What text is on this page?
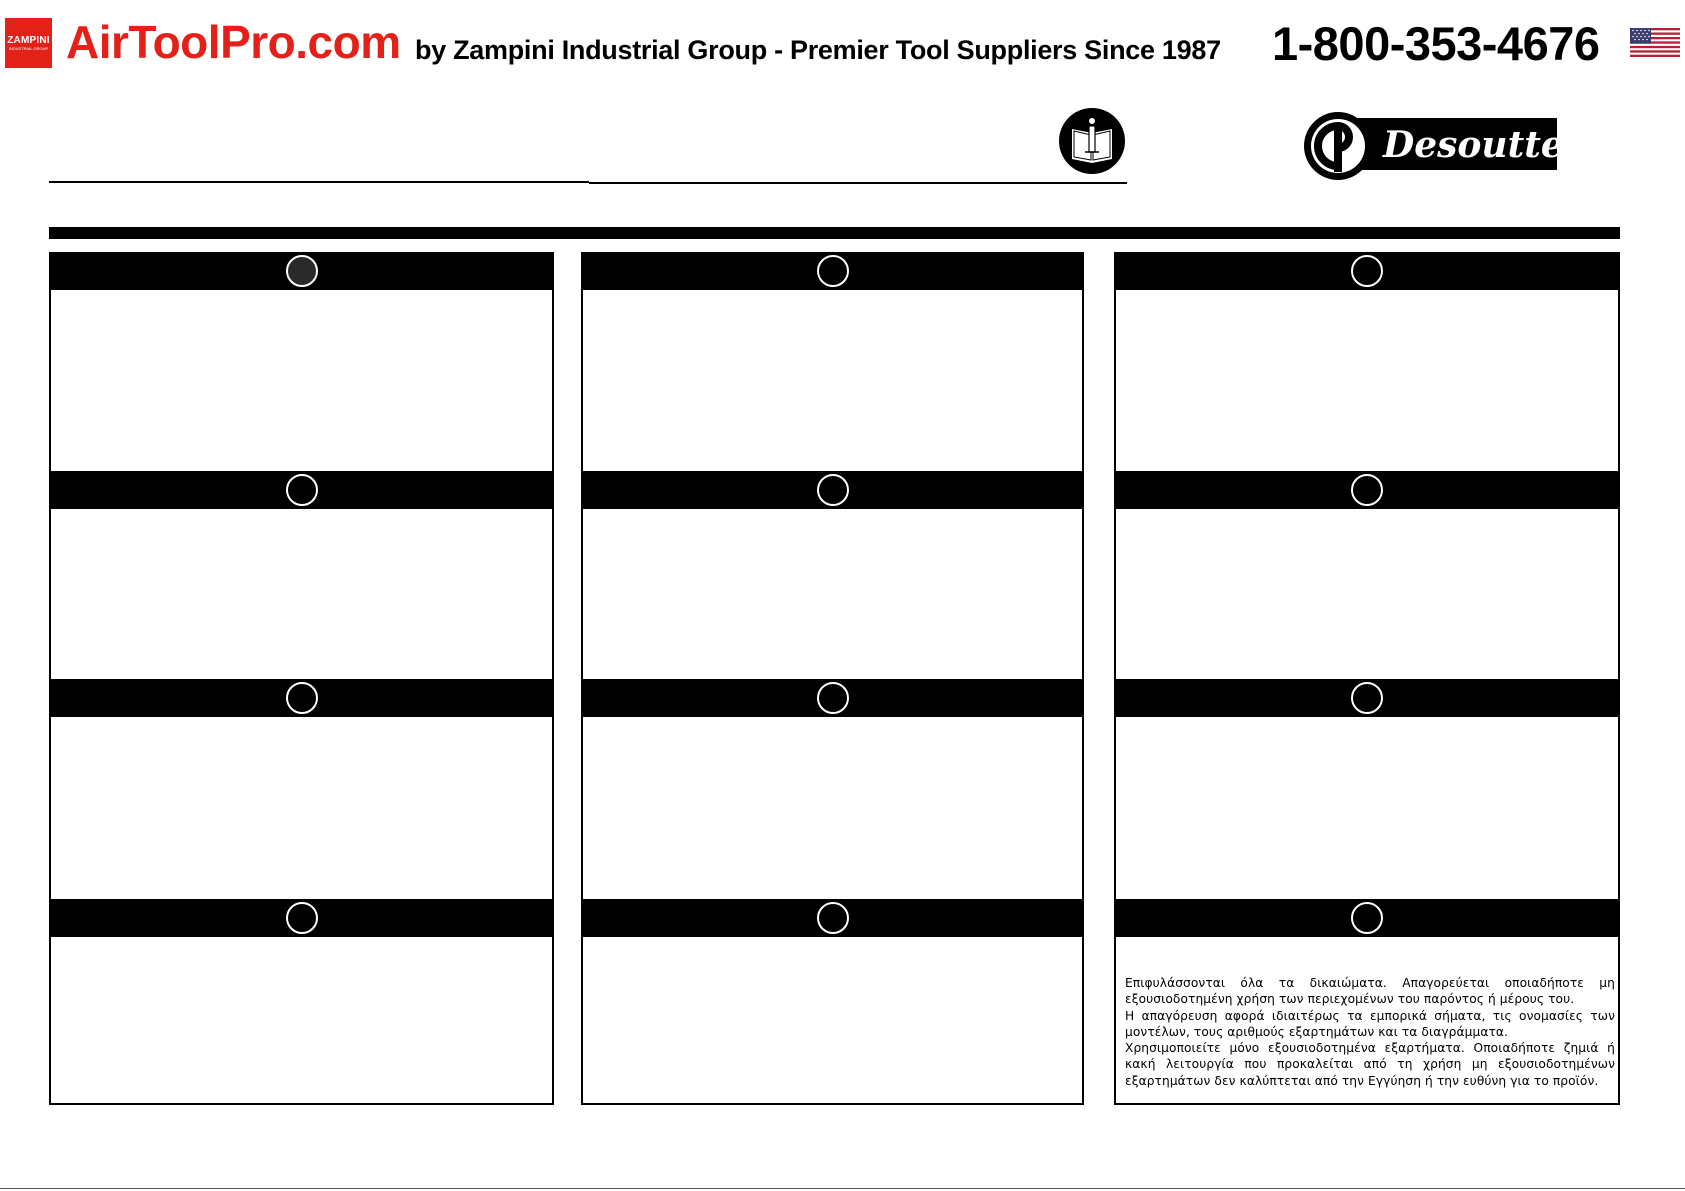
ZAMPINI
INDUSTRIAL GROUP AirToolPro.com by Zampini Industrial Group - Premier Tool Suppliers Since 1987 1-800-353-4676
Desoutter

Επιφυλάσσονται όλα τα δικαιώματα. Απαγορεύεται οποιαδήποτε μη εξουσιοδοτημένη χρήση των περιεχομένων του παρόντος ή μέρους του.

Η απαγόρευση αφορά ιδιαιτέρως τα εμπορικά σήματα, τις ονομασίες των μοντέλων, τους αριθμούς εξαρτημάτων και τα διαγράμματα.

Χρησιμοποιείτε μόνο εξουσιοδοτημένα εξαρτήματα. Οποιαδήποτε ζημιά ή κακή λειτουργία που προκαλείται από τη χρήση μη εξουσιοδοτημένων εξαρτημάτων δεν καλύπτεται από την Εγγύηση ή την ευθύνη για το προϊόν.
